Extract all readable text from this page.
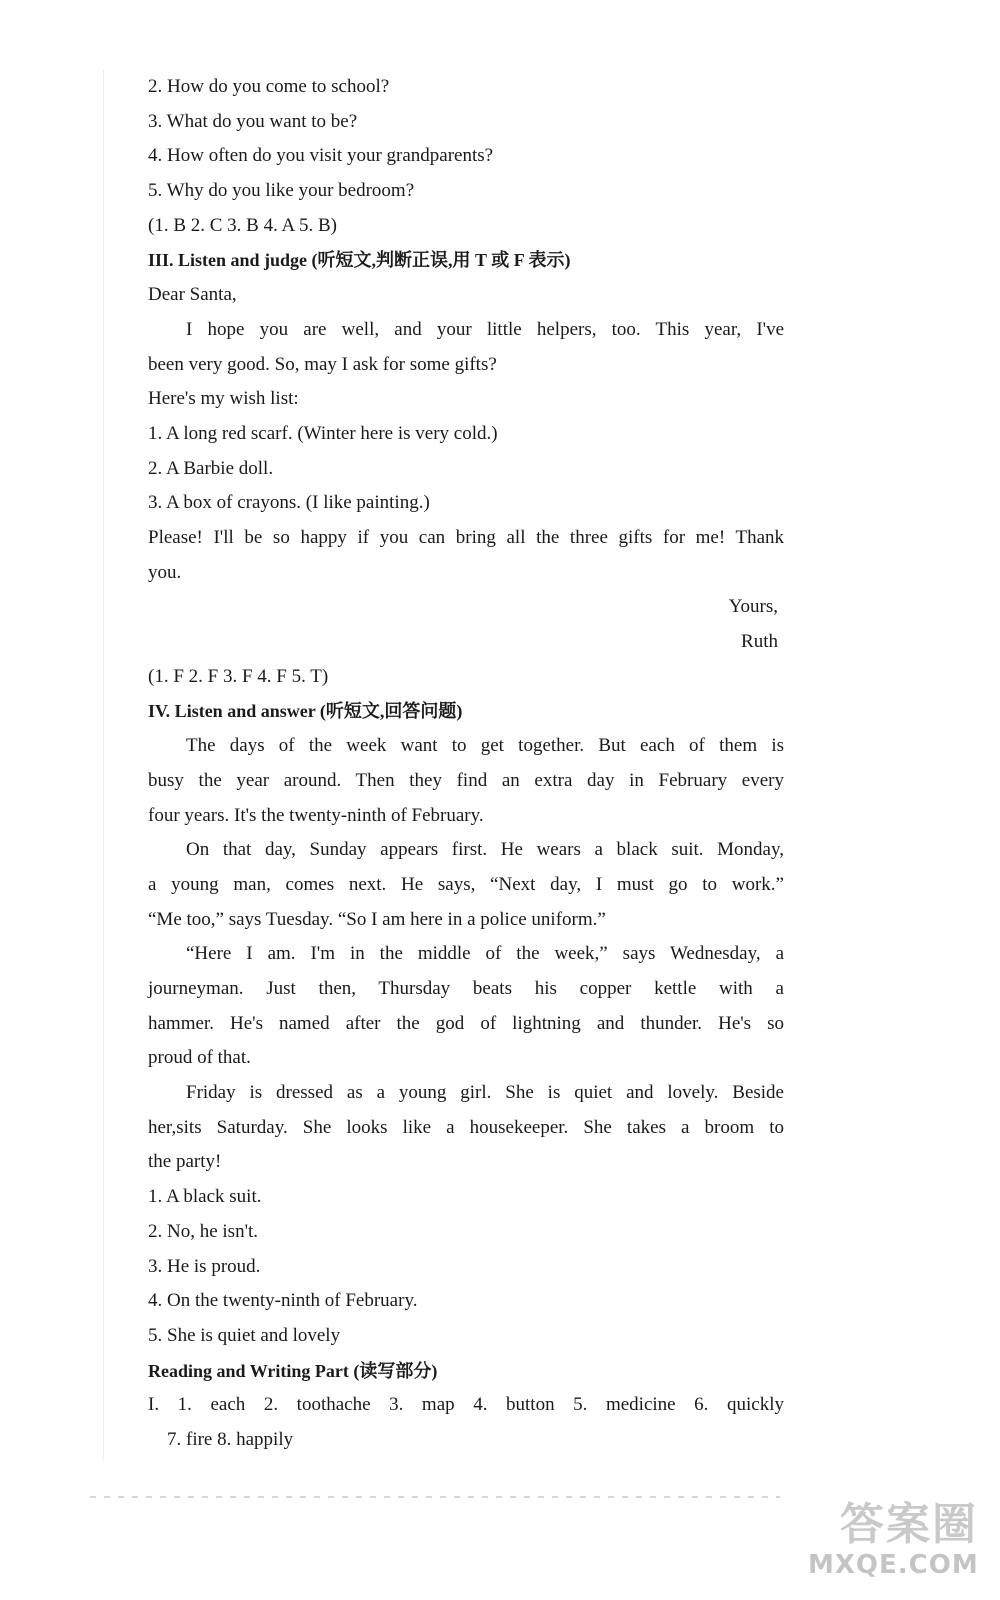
2. How do you come to school?
3. What do you want to be?
4. How often do you visit your grandparents?
5. Why do you like your bedroom?
(1. B 2. C 3. B 4. A 5. B)
III. Listen and judge (听短文,判断正误,用 T 或 F 表示)
Dear Santa,
I hope you are well, and your little helpers, too. This year, I've
been very good. So, may I ask for some gifts?
Here's my wish list:
1. A long red scarf. (Winter here is very cold.)
2. A Barbie doll.
3. A box of crayons. (I like painting.)
Please! I'll be so happy if you can bring all the three gifts for me! Thank
you.
Yours,
Ruth
(1. F 2. F 3. F 4. F 5. T)
IV. Listen and answer (听短文,回答问题)
The days of the week want to get together. But each of them is
busy the year around. Then they find an extra day in February every
four years. It's the twenty-ninth of February.
On that day, Sunday appears first. He wears a black suit. Monday,
a young man, comes next. He says, “Next day, I must go to work.”
“Me too,” says Tuesday. “So I am here in a police uniform.”
“Here I am. I'm in the middle of the week,” says Wednesday, a
journeyman. Just then, Thursday beats his copper kettle with a
hammer. He's named after the god of lightning and thunder. He's so
proud of that.
Friday is dressed as a young girl. She is quiet and lovely. Beside
her,sits Saturday. She looks like a housekeeper. She takes a broom to
the party!
1. A black suit.
2. No, he isn't.
3. He is proud.
4. On the twenty-ninth of February.
5. She is quiet and lovely
Reading and Writing Part (读写部分)
I. 1. each 2. toothache 3. map 4. button 5. medicine 6. quickly
7. fire 8. happily
答案圈
MXQE.COM
